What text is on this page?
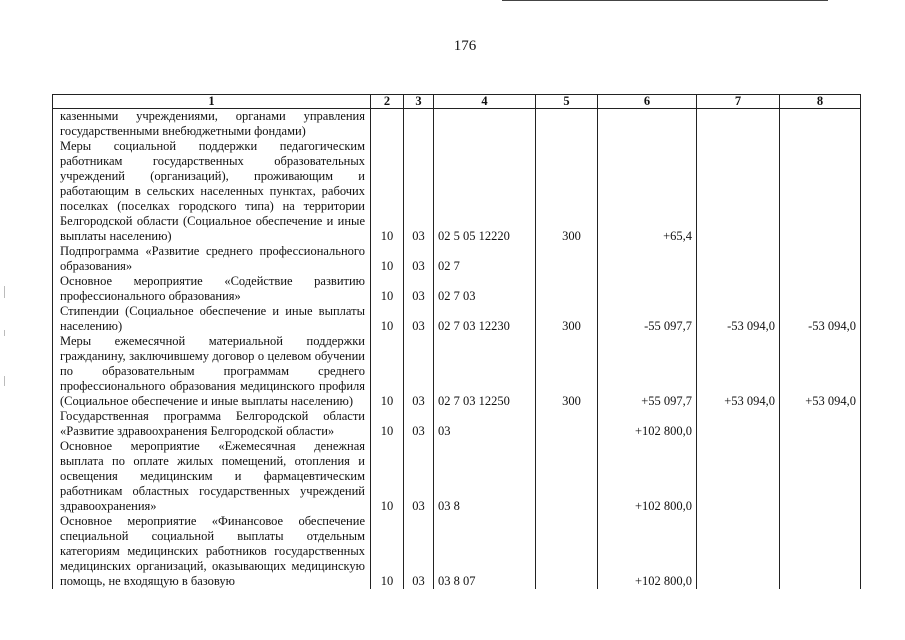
176
1	2	3	4	5	6	7	8
казенными учреждениями, органами управления государственными внебюджетными фондами)							
Меры социальной поддержки педагогическим работникам государственных образовательных учреждений (организаций), проживающим и работающим в сельских населенных пунктах, рабочих поселках (поселках городского типа) на территории Белгородской области (Социальное обеспечение и иные выплаты населению)	10	03	02 5 05 12220	300	+65,4		
Подпрограмма «Развитие среднего профессионального образования»	10	03	02 7				
Основное мероприятие «Содействие развитию профессионального образования»	10	03	02 7 03				
Стипендии (Социальное обеспечение и иные выплаты населению)	10	03	02 7 03 12230	300	-55 097,7	-53 094,0	-53 094,0
Меры ежемесячной материальной поддержки гражданину, заключившему договор о целевом обучении по образовательным программам среднего профессионального образования медицинского профиля (Социальное обеспечение и иные выплаты населению)	10	03	02 7 03 12250	300	+55 097,7	+53 094,0	+53 094,0
Государственная программа Белгородской области «Развитие здравоохранения Белгородской области»	10	03	03		+102 800,0		
Основное мероприятие «Ежемесячная денежная выплата по оплате жилых помещений, отопления и освещения медицинским и фармацевтическим работникам областных государственных учреждений здравоохранения»	10	03	03 8		+102 800,0		
Основное мероприятие «Финансовое обеспечение специальной социальной выплаты отдельным категориям медицинских работников государственных медицинских организаций, оказывающих медицинскую помощь, не входящую в базовую	10	03	03 8 07		+102 800,0		
